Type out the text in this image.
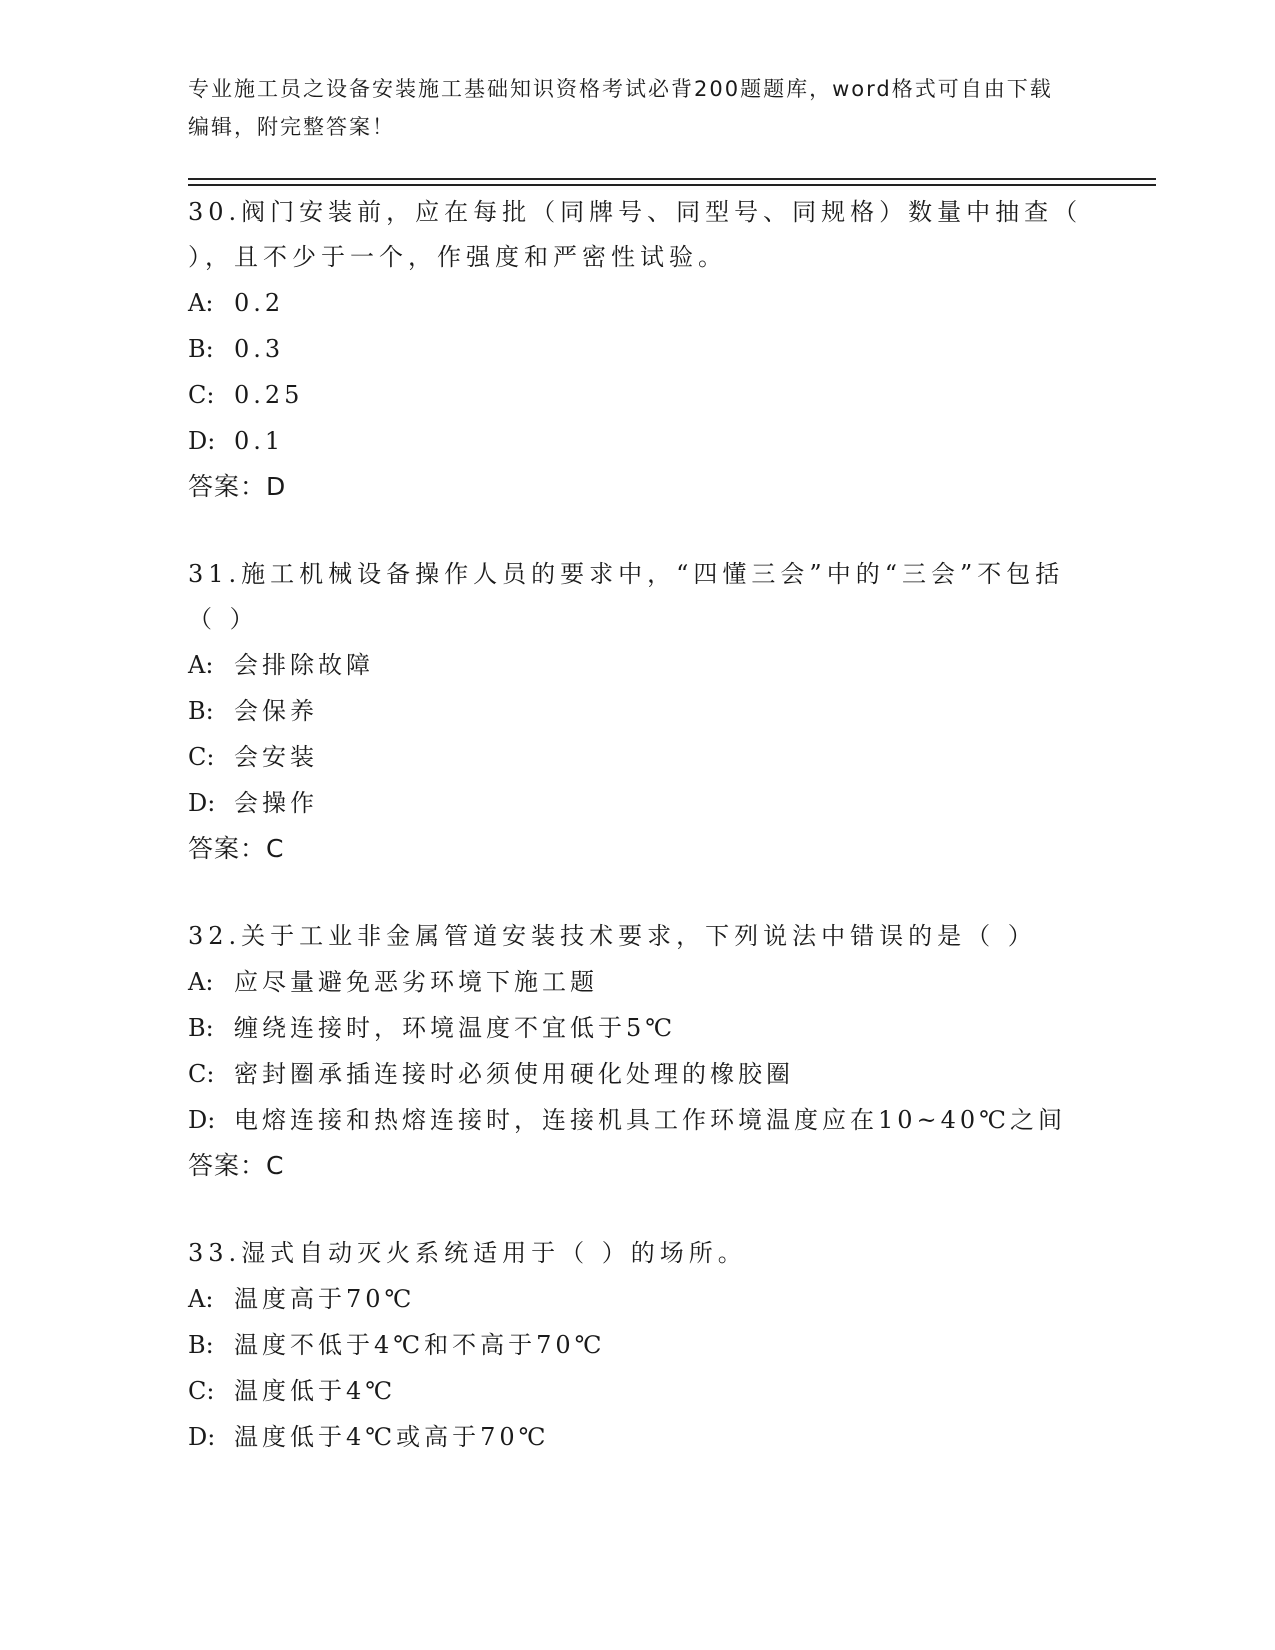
专业施工员之设备安装施工基础知识资格考试必背200题题库，word格式可自由下载编辑，附完整答案！
30.阀门安装前，应在每批（同牌号、同型号、同规格）数量中抽查（ ），且不少于一个，作强度和严密性试验。
A: 0.2
B: 0.3
C: 0.25
D: 0.1
答案：D
31.施工机械设备操作人员的要求中，“四懂三会”中的“三会”不包括（ ）
A: 会排除故障
B: 会保养
C: 会安装
D: 会操作
答案：C
32.关于工业非金属管道安装技术要求，下列说法中错误的是（ ）
A: 应尽量避免恶劣环境下施工题
B: 缠绕连接时，环境温度不宜低于5℃
C: 密封圈承插连接时必须使用硬化处理的橡胶圈
D: 电熔连接和热熔连接时，连接机具工作环境温度应在10~40℃之间
答案：C
33.湿式自动灭火系统适用于（ ）的场所。
A: 温度高于70℃
B: 温度不低于4℃和不高于70℃
C: 温度低于4℃
D: 温度低于4℃或高于70℃
